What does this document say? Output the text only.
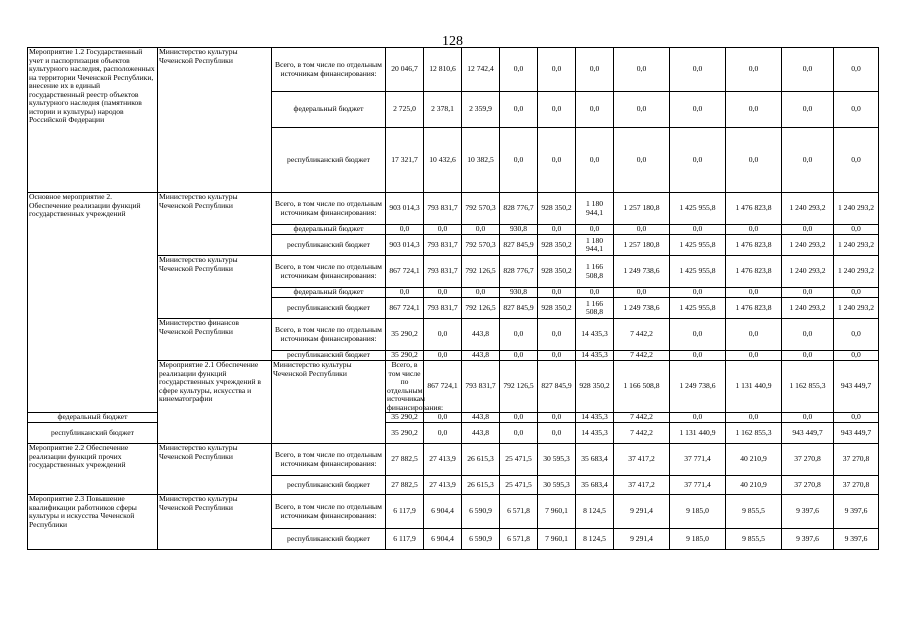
128
Мероприятие 1.2 Государственный учет и паспортизация объектов культурного наследия, расположенных на территории Чеченской Республики, внесение их в единый государственный реестр объектов культурного наследия (памятников истории и культуры) народов Российской Федерации	Министерство культуры Чеченской Республики	Всего, в том числе по отдельным источникам финансирования:	20 046,7	12 810,6	12 742,4	0,0	0,0	0,0	0,0	0,0	0,0	0,0	0,0	
		федеральный бюджет	2 725,0	2 378,1	2 359,9	0,0	0,0	0,0	0,0	0,0	0,0	0,0	0,0	
		республиканский бюджет	17 321,7	10 432,6	10 382,5	0,0	0,0	0,0	0,0	0,0	0,0	0,0	0,0	
Основное мероприятие 2. Обеспечение реализации функций государственных учреждений	Министерство культуры Чеченской Республики	Всего, в том числе по отдельным источникам финансирования:	903 014,3	793 831,7	792 570,3	828 776,7	928 350,2	1 180 944,1	1 257 180,8	1 425 955,8	1 476 823,8	1 240 293,2	1 240 293,2	
		федеральный бюджет	0,0	0,0	0,0	930,8	0,0	0,0	0,0	0,0	0,0	0,0	0,0	
		республиканский бюджет	903 014,3	793 831,7	792 570,3	827 845,9	928 350,2	1 180 944,1	1 257 180,8	1 425 955,8	1 476 823,8	1 240 293,2	1 240 293,2	
	Министерство культуры Чеченской Республики	Всего, в том числе по отдельным источникам финансирования:	867 724,1	793 831,7	792 126,5	828 776,7	928 350,2	1 166 508,8	1 249 738,6	1 425 955,8	1 476 823,8	1 240 293,2	1 240 293,2	
		федеральный бюджет	0,0	0,0	0,0	930,8	0,0	0,0	0,0	0,0	0,0	0,0	0,0	
		республиканский бюджет	867 724,1	793 831,7	792 126,5	827 845,9	928 350,2	1 166 508,8	1 249 738,6	1 425 955,8	1 476 823,8	1 240 293,2	1 240 293,2	
	Министерство финансов Чеченской Республики	Всего, в том числе по отдельным источникам финансирования:	35 290,2	0,0	443,8	0,0	0,0	14 435,3	7 442,2	0,0	0,0	0,0	0,0	
		республиканский бюджет	35 290,2	0,0	443,8	0,0	0,0	14 435,3	7 442,2	0,0	0,0	0,0	0,0	
	Мероприятие 2.1 Обеспечение реализации функций государственных учреждений в сфере культуры, искусства и кинематографии	Министерство культуры Чеченской Республики	Всего, в том числе по отдельным источникам финансирования:	867 724,1	793 831,7	792 126,5	827 845,9	928 350,2	1 166 508,8	1 249 738,6	1 131 440,9	1 162 855,3	943 449,7	
федеральный бюджет			35 290,2	0,0	443,8	0,0	0,0	14 435,3	7 442,2	0,0	0,0	0,0	0,0	
республиканский бюджет			35 290,2	0,0	443,8	0,0	0,0	14 435,3	7 442,2	1 131 440,9	1 162 855,3	943 449,7	943 449,7	
Мероприятие 2.2 Обеспечение реализации функций прочих государственных учреждений	Министерство культуры Чеченской Республики	Всего, в том числе по отдельным источникам финансирования:	27 882,5	27 413,9	26 615,3	25 471,5	30 595,3	35 683,4	37 417,2	37 771,4	40 210,9	37 270,8	37 270,8	
		республиканский бюджет	27 882,5	27 413,9	26 615,3	25 471,5	30 595,3	35 683,4	37 417,2	37 771,4	40 210,9	37 270,8	37 270,8	
Мероприятие 2.3 Повышение квалификации работников сферы культуры и искусства Чеченской Республики	Министерство культуры Чеченской Республики	Всего, в том числе по отдельным источникам финансирования:	6 117,9	6 904,4	6 590,9	6 571,8	7 960,1	8 124,5	9 291,4	9 185,0	9 855,5	9 397,6	9 397,6	
		республиканский бюджет	6 117,9	6 904,4	6 590,9	6 571,8	7 960,1	8 124,5	9 291,4	9 185,0	9 855,5	9 397,6	9 397,6	
